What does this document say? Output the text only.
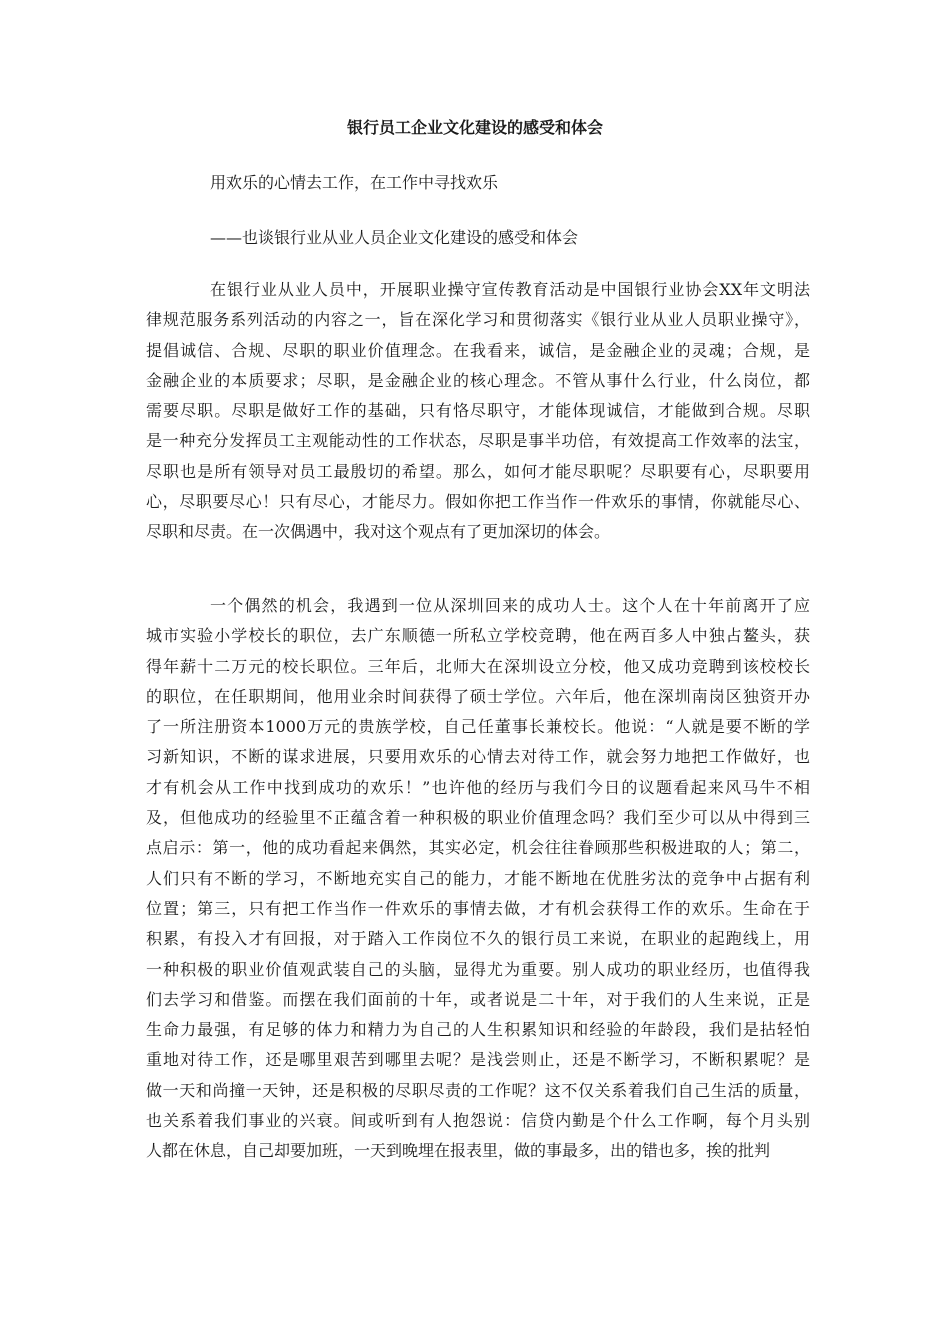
银行员工企业文化建设的感受和体会
用欢乐的心情去工作，在工作中寻找欢乐
——也谈银行业从业人员企业文化建设的感受和体会
在银行业从业人员中，开展职业操守宣传教育活动是中国银行业协会XX年文明法
律规范服务系列活动的内容之一，旨在深化学习和贯彻落实《银行业从业人员职业操守》，
提倡诚信、合规、尽职的职业价值理念。在我看来，诚信，是金融企业的灵魂；合规，是
金融企业的本质要求；尽职，是金融企业的核心理念。不管从事什么行业，什么岗位，都
需要尽职。尽职是做好工作的基础，只有恪尽职守，才能体现诚信，才能做到合规。尽职
是一种充分发挥员工主观能动性的工作状态，尽职是事半功倍，有效提高工作效率的法宝，
尽职也是所有领导对员工最殷切的希望。那么，如何才能尽职呢？尽职要有心，尽职要用
心，尽职要尽心！只有尽心，才能尽力。假如你把工作当作一件欢乐的事情，你就能尽心、
尽职和尽责。在一次偶遇中，我对这个观点有了更加深切的体会。
一个偶然的机会，我遇到一位从深圳回来的成功人士。这个人在十年前离开了应
城市实验小学校长的职位，去广东顺德一所私立学校竞聘，他在两百多人中独占鳌头，获
得年薪十二万元的校长职位。三年后，北师大在深圳设立分校，他又成功竞聘到该校校长
的职位，在任职期间，他用业余时间获得了硕士学位。六年后，他在深圳南岗区独资开办
了一所注册资本1000万元的贵族学校，自己任董事长兼校长。他说：“人就是要不断的学
习新知识，不断的谋求进展，只要用欢乐的心情去对待工作，就会努力地把工作做好，也
才有机会从工作中找到成功的欢乐！”也许他的经历与我们今日的议题看起来风马牛不相
及，但他成功的经验里不正蕴含着一种积极的职业价值理念吗？我们至少可以从中得到三
点启示：第一，他的成功看起来偶然，其实必定，机会往往眷顾那些积极进取的人；第二，
人们只有不断的学习，不断地充实自己的能力，才能不断地在优胜劣汰的竞争中占据有利
位置；第三，只有把工作当作一件欢乐的事情去做，才有机会获得工作的欢乐。生命在于
积累，有投入才有回报，对于踏入工作岗位不久的银行员工来说，在职业的起跑线上，用
一种积极的职业价值观武装自己的头脑，显得尤为重要。别人成功的职业经历，也值得我
们去学习和借鉴。而摆在我们面前的十年，或者说是二十年，对于我们的人生来说，正是
生命力最强，有足够的体力和精力为自己的人生积累知识和经验的年龄段，我们是拈轻怕
重地对待工作，还是哪里艰苦到哪里去呢？是浅尝则止，还是不断学习，不断积累呢？是
做一天和尚撞一天钟，还是积极的尽职尽责的工作呢？这不仅关系着我们自己生活的质量，
也关系着我们事业的兴衰。间或听到有人抱怨说：信贷内勤是个什么工作啊，每个月头别
人都在休息，自己却要加班，一天到晚埋在报表里，做的事最多，出的错也多，挨的批判
